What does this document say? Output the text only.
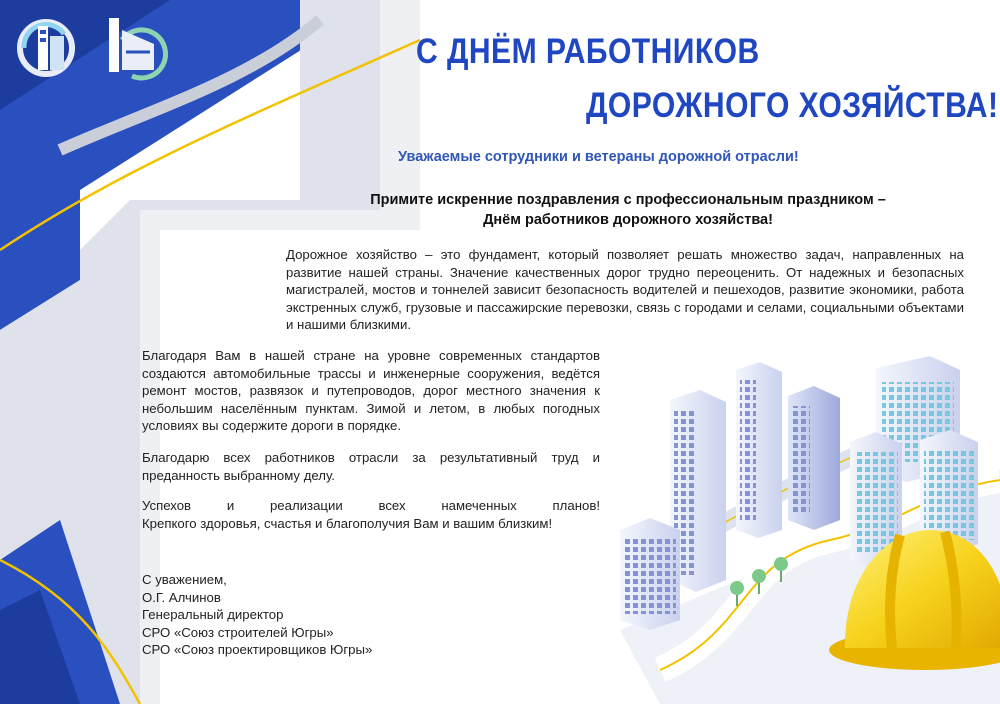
С ДНЁМ РАБОТНИКОВ
ДОРОЖНОГО ХОЗЯЙСТВА!
Уважаемые сотрудники и ветераны дорожной отрасли!
Примите искренние поздравления с профессиональным праздником –
Днём работников дорожного хозяйства!
Дорожное хозяйство – это фундамент, который позволяет решать множество задач, направленных на развитие нашей страны. Значение качественных дорог трудно переоценить. От надежных и безопасных магистралей, мостов и тоннелей зависит безопасность водителей и пешеходов, развитие экономики, работа экстренных служб, грузовые и пассажирские перевозки, связь с городами и селами, социальными объектами и нашими близкими.
Благодаря Вам в нашей стране на уровне современных стандартов создаются автомобильные трассы и инженерные сооружения, ведётся ремонт мостов, развязок и путепроводов, дорог местного значения к небольшим населённым пунктам. Зимой и летом, в любых погодных условиях вы содержите дороги в порядке.
Благодарю всех работников отрасли за результативный труд и преданность выбранному делу.
Успехов и реализации всех намеченных планов!
Крепкого здоровья, счастья и благополучия Вам и вашим близким!
С уважением,
О.Г. Алчинов
Генеральный директор
СРО «Союз строителей Югры»
СРО «Союз проектировщиков Югры»
